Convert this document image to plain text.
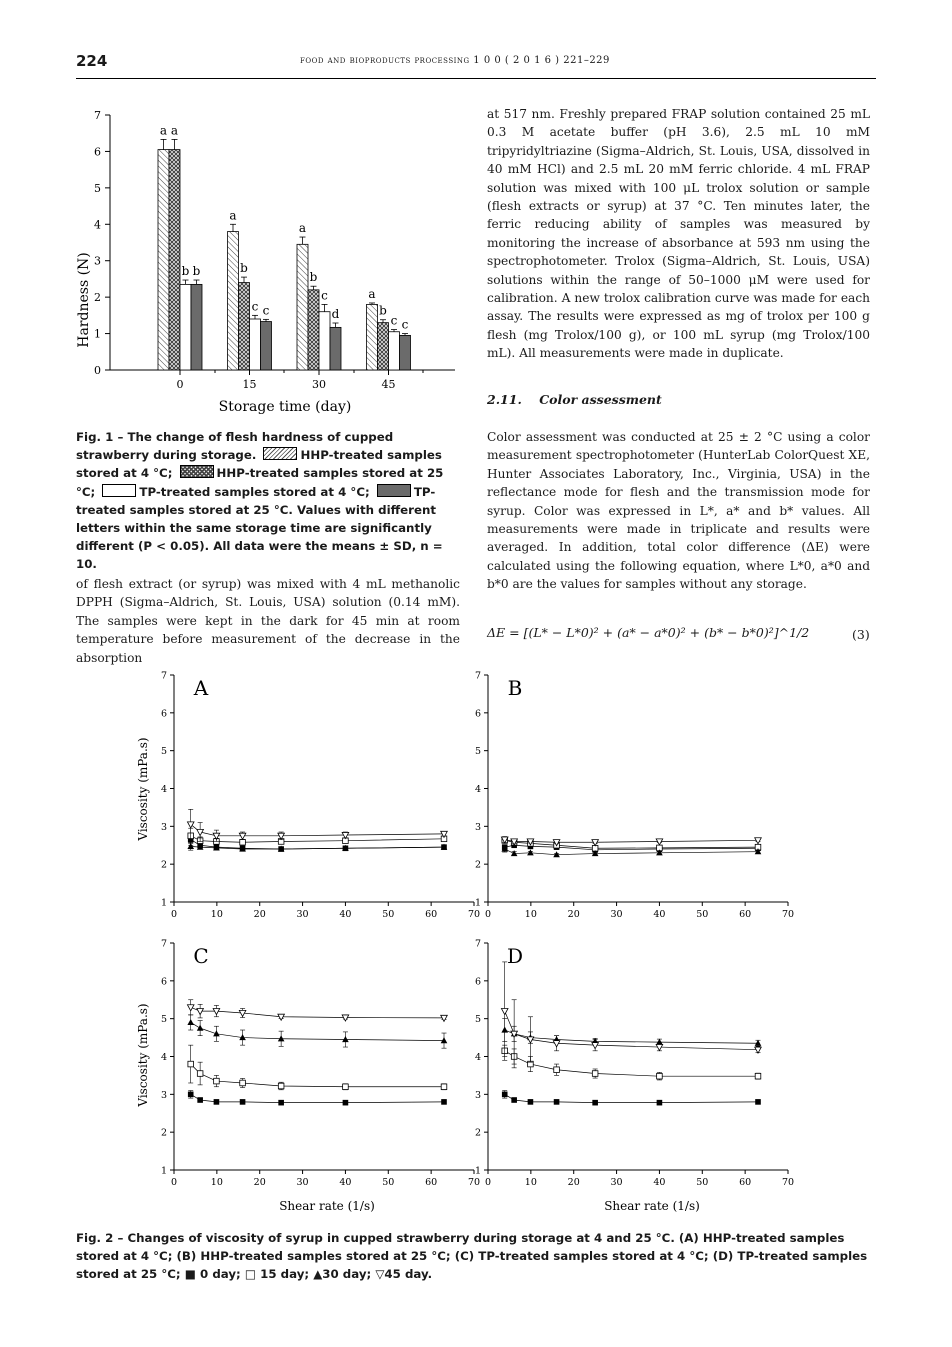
224	food and bioproducts processing 1 0 0 ( 2 0 1 6 ) 221–229
0
1
2
3
4
5
6
7
0
a a
b b
15
a
b
c c
30
a
b
c
d
45
a
b
c c
Hardness (N)
Storage time (day)
Fig. 1 – The change of flesh hardness of cupped strawberry during storage.	HHP-treated samples stored at 4 °C;	HHP-treated samples stored at 25 °C;	TP-treated samples stored at 4 °C;	TP-treated samples stored at 25 °C. Values with different letters within the same storage time are significantly different (P < 0.05). All data were the means ± SD, n = 10.

of flesh extract (or syrup) was mixed with 4 mL methanolic DPPH (Sigma–Aldrich, St. Louis, USA) solution (0.14 mM). The samples were kept in the dark for 45 min at room temperature before measurement of the decrease in the absorption

at 517 nm. Freshly prepared FRAP solution contained 25 mL 0.3 M acetate buffer (pH 3.6), 2.5 mL 10 mM tripyridyltriazine (Sigma–Aldrich, St. Louis, USA, dissolved in 40 mM HCl) and 2.5 mL 20 mM ferric chloride. 4 mL FRAP solution was mixed with 100 μL trolox solution or sample (flesh extracts or syrup) at 37 °C. Ten minutes later, the ferric reducing ability of samples was measured by monitoring the increase of absorbance at 593 nm using the spectrophotometer. Trolox (Sigma–Aldrich, St. Louis, USA) solutions within the range of 50–1000 μM were used for calibration. A new trolox calibration curve was made for each assay. The results were expressed as mg of trolox per 100 g flesh (mg Trolox/100 g), or 100 mL syrup (mg Trolox/100 mL). All measurements were made in duplicate.

2.11. Color assessment

Color assessment was conducted at 25 ± 2 °C using a color measurement spectrophotometer (HunterLab ColorQuest XE, Hunter Associates Laboratory, Inc., Virginia, USA) in the reflectance mode for flesh and the transmission mode for syrup. Color was expressed in L*, a* and b* values. All measurements were made in triplicate and results were averaged. In addition, total color difference (ΔE) were calculated using the following equation, where L*0, a*0 and b*0 are the values for samples without any storage.

ΔE = [(L* − L*0)² + (a* − a*0)² + (b* − b*0)²]^1/2	(3)
1
2
3
4
5
6
7
0	10	20	30	40	50	60	70
A
1
2
3
4
5
6
7
0	10	20	30	40	50	60	70
B
1
2
3
4
5
6
7
0	10	20	30	40	50	60	70
C
1
2
3
4
5
6
7
0	10	20	30	40	50	60	70
D
Viscosity (mPa.s)
Viscosity (mPa.s)
Shear rate (1/s)	Shear rate (1/s)
Fig. 2 – Changes of viscosity of syrup in cupped strawberry during storage at 4 and 25 °C. (A) HHP-treated samples stored at 4 °C; (B) HHP-treated samples stored at 25 °C; (C) TP-treated samples stored at 4 °C; (D) TP-treated samples stored at 25 °C; ■ 0 day; □ 15 day; ▲30 day; ▽45 day.
